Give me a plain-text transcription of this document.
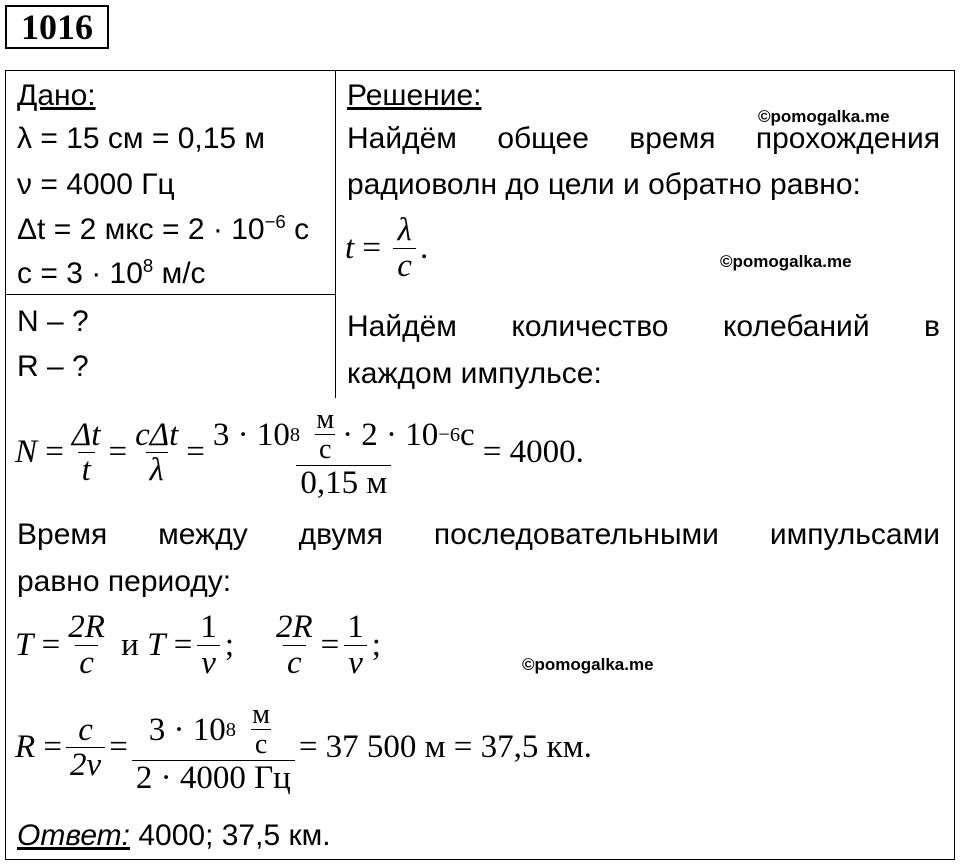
1016
Дано:
λ = 15 см = 0,15 м
ν = 4000 Гц
Δt = 2 мкс = $2 \cdot 10^{-6}$ с
$c = 3 \cdot 10^8$ м/с
N – ?
R – ?
Решение:
©pomogalka.me
Найдём общее время прохождения
радиоволн до цели и обратно равно:
$t = \frac{\lambda}{c}$ .	©pomogalka.me
Найдём количество колебаний в
каждом импульсе:
$N = \frac{\Delta t}{t} = \frac{\text{cΔt}}{\lambda} = 3 \cdot 10$ 8
$\frac{м}{с} \cdot 2 \cdot 10 -6$ с
0,15 м = 4000.
Время между двумя последовательными импульсами
равно периоду:
$T = \frac{2R}{c}$
и
$T = \frac{1}{\nu}$ ; $\frac{2R}{c} = \frac{1}{\nu}$ ;
©pomogalka.me
$R = \frac{c}{2\nu} = 3 \cdot 10$ 8
$\frac{м}{с}$
2 · 4000 Гц = 37 500 м = 37,5 км.
Ответ: 4000; 37,5 км.
